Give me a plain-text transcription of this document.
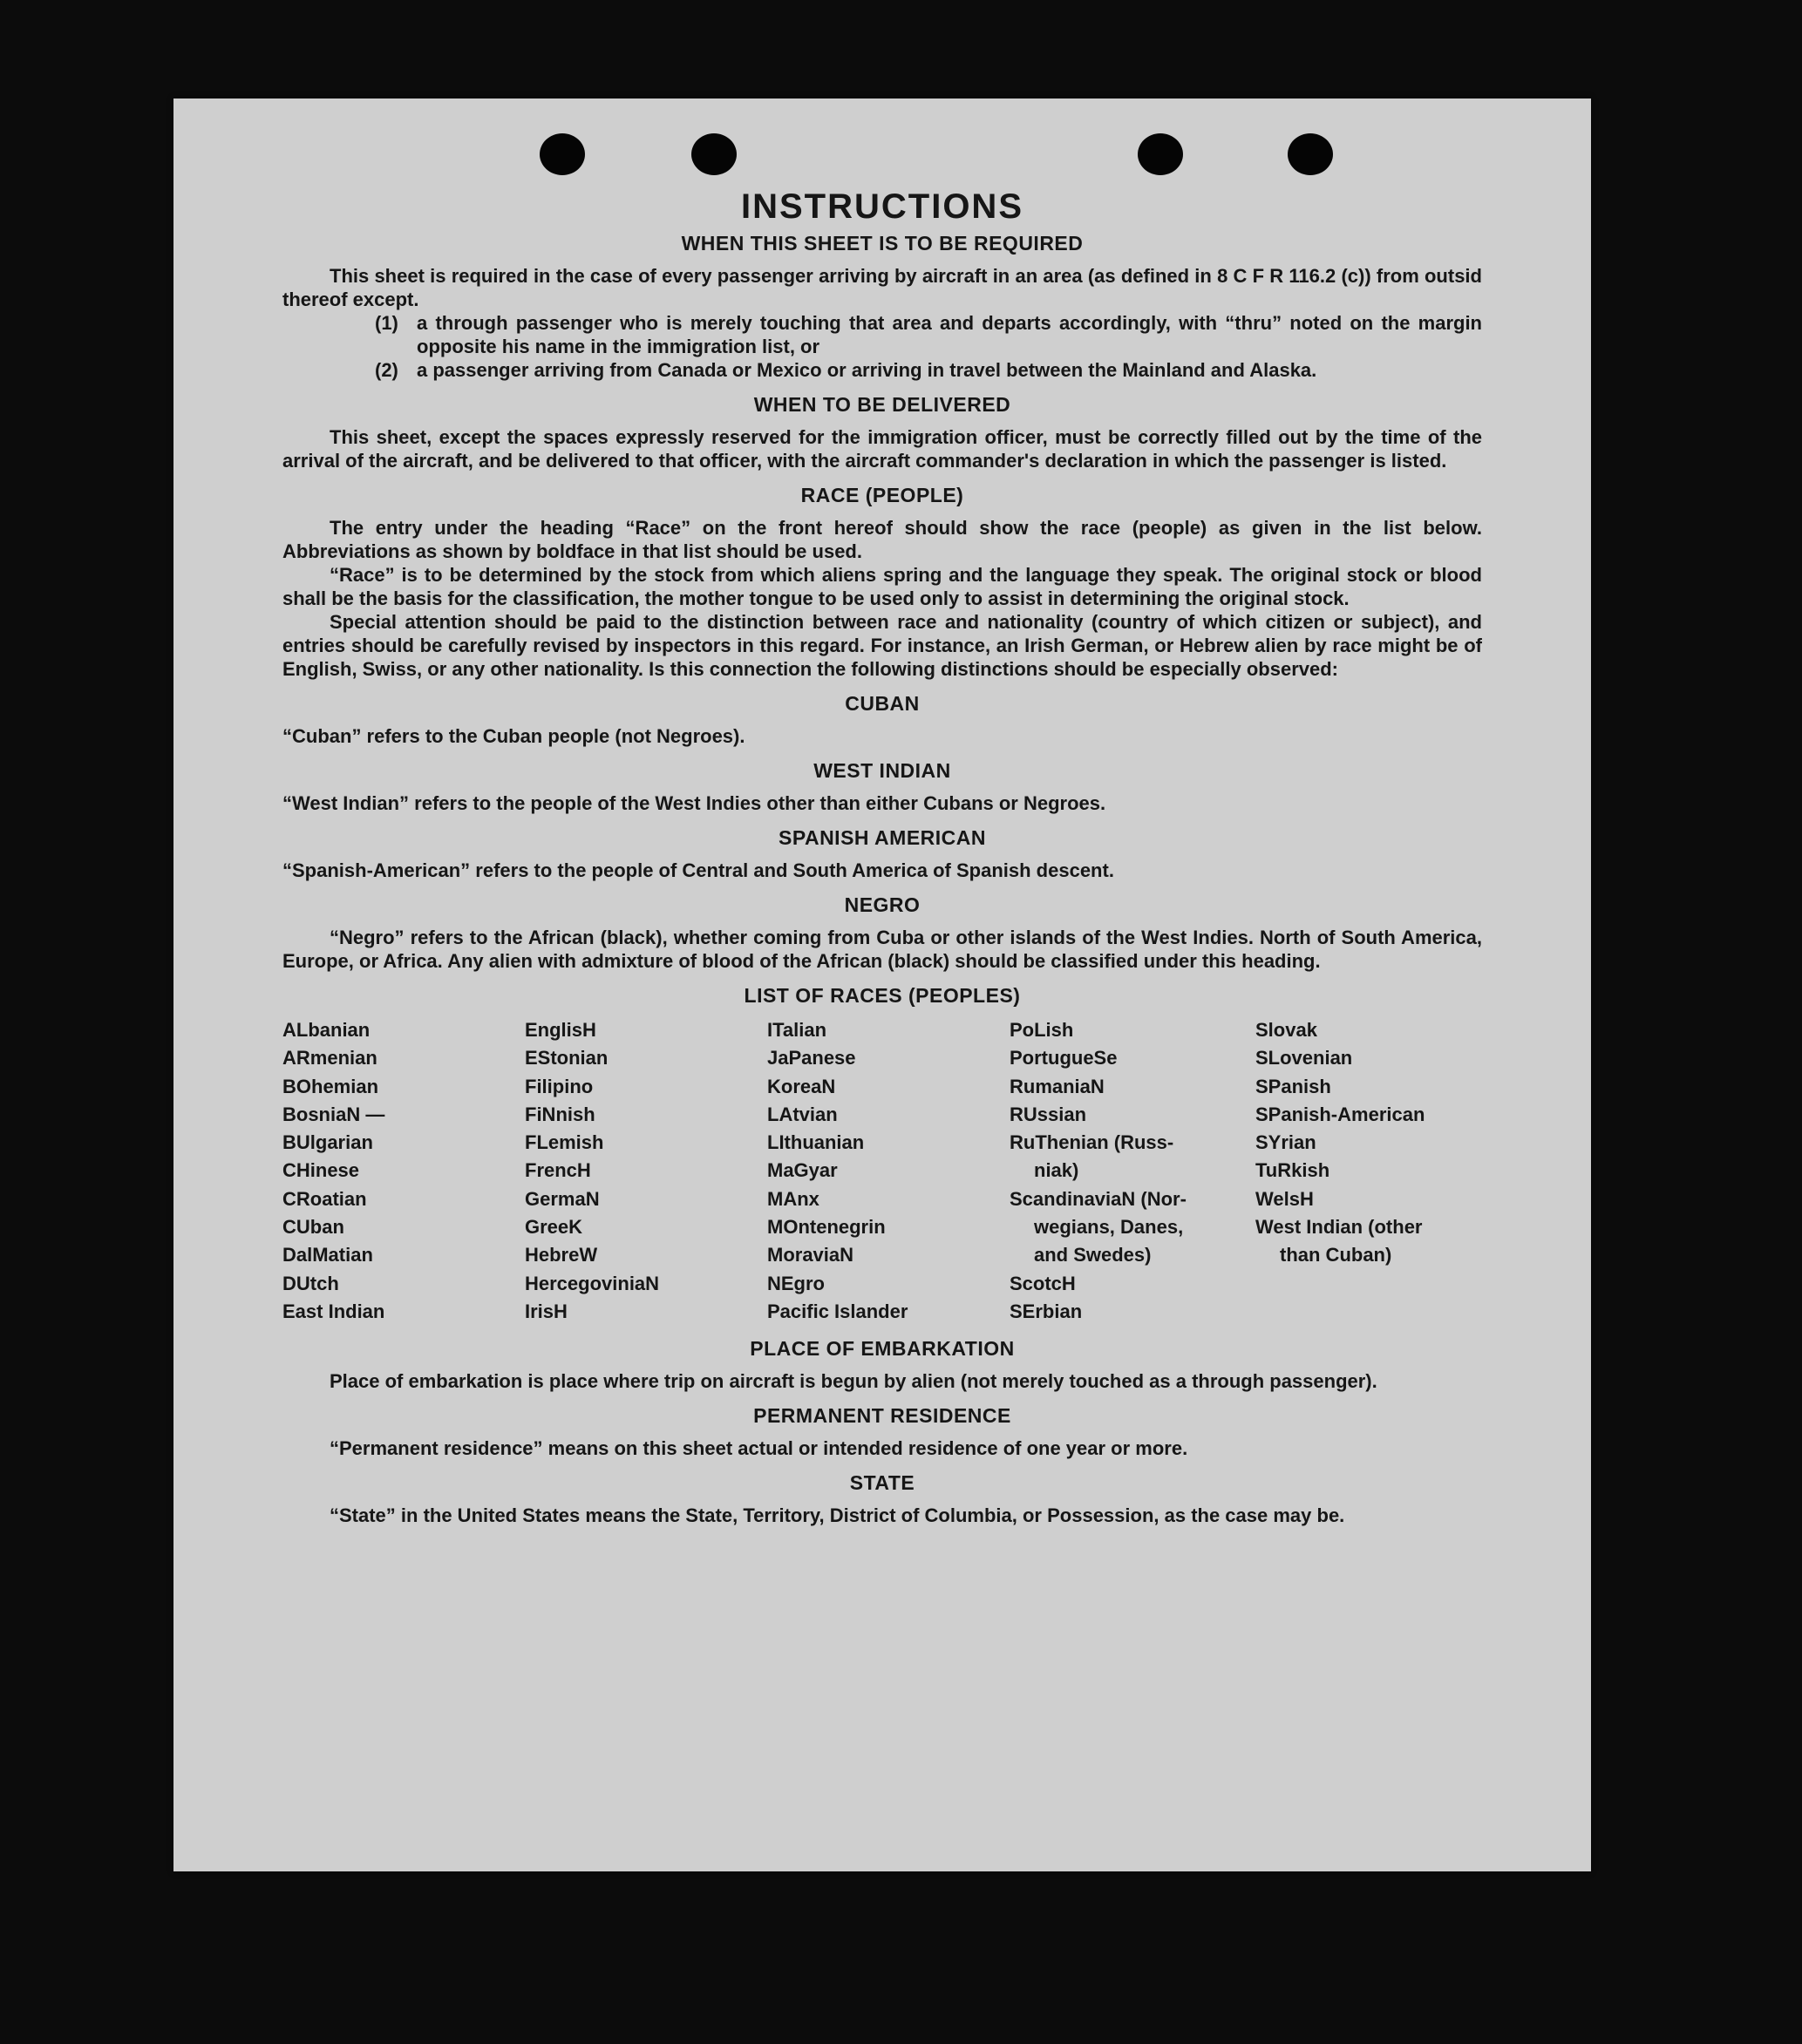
INSTRUCTIONS
WHEN THIS SHEET IS TO BE REQUIRED

This sheet is required in the case of every passenger arriving by aircraft in an area (as defined in 8 C F R 116.2 (c)) from outsid thereof except.

(1) a through passenger who is merely touching that area and departs accordingly, with “thru” noted on the margin opposite his name in the immigration list, or
(2) a passenger arriving from Canada or Mexico or arriving in travel between the Mainland and Alaska.
WHEN TO BE DELIVERED

This sheet, except the spaces expressly reserved for the immigration officer, must be correctly filled out by the time of the arrival of the aircraft, and be delivered to that officer, with the aircraft commander's declaration in which the passenger is listed.

RACE (PEOPLE)

The entry under the heading “Race” on the front hereof should show the race (people) as given in the list below. Abbreviations as shown by boldface in that list should be used.

“Race” is to be determined by the stock from which aliens spring and the language they speak. The original stock or blood shall be the basis for the classification, the mother tongue to be used only to assist in determining the original stock.

Special attention should be paid to the distinction between race and nationality (country of which citizen or subject), and entries should be carefully revised by inspectors in this regard. For instance, an Irish German, or Hebrew alien by race might be of English, Swiss, or any other nationality. Is this connection the following distinctions should be especially observed:

CUBAN

“Cuban” refers to the Cuban people (not Negroes).

WEST INDIAN

“West Indian” refers to the people of the West Indies other than either Cubans or Negroes.

SPANISH AMERICAN

“Spanish-American” refers to the people of Central and South America of Spanish descent.

NEGRO

“Negro” refers to the African (black), whether coming from Cuba or other islands of the West Indies. North of South America, Europe, or Africa. Any alien with admixture of blood of the African (black) should be classified under this heading.

LIST OF RACES (PEOPLES)
ALbanian
ARmenian
BOhemian
BosniaN —
BUlgarian
CHinese
CRoatian
CUban
DalMatian
DUtch
East Indian
EnglisH
EStonian
Filipino
FiNnish
FLemish
FrencH
GermaN
GreeK
HebreW
HercegoviniaN
IrisH
ITalian
JaPanese
KoreaN
LAtvian
LIthuanian
MaGyar
MAnx
MOntenegrin
MoraviaN
NEgro
Pacific Islander
PoLish
PortugueSe
RumaniaN
RUssian
RuThenian (Russ-
niak)
ScandinaviaN (Nor-
wegians, Danes,
and Swedes)
ScotcH
SErbian
Slovak
SLovenian
SPanish
SPanish-American
SYrian
TuRkish
WelsH
West Indian (other
than Cuban)
PLACE OF EMBARKATION

Place of embarkation is place where trip on aircraft is begun by alien (not merely touched as a through passenger).

PERMANENT RESIDENCE

“Permanent residence” means on this sheet actual or intended residence of one year or more.

STATE

“State” in the United States means the State, Territory, District of Columbia, or Possession, as the case may be.
